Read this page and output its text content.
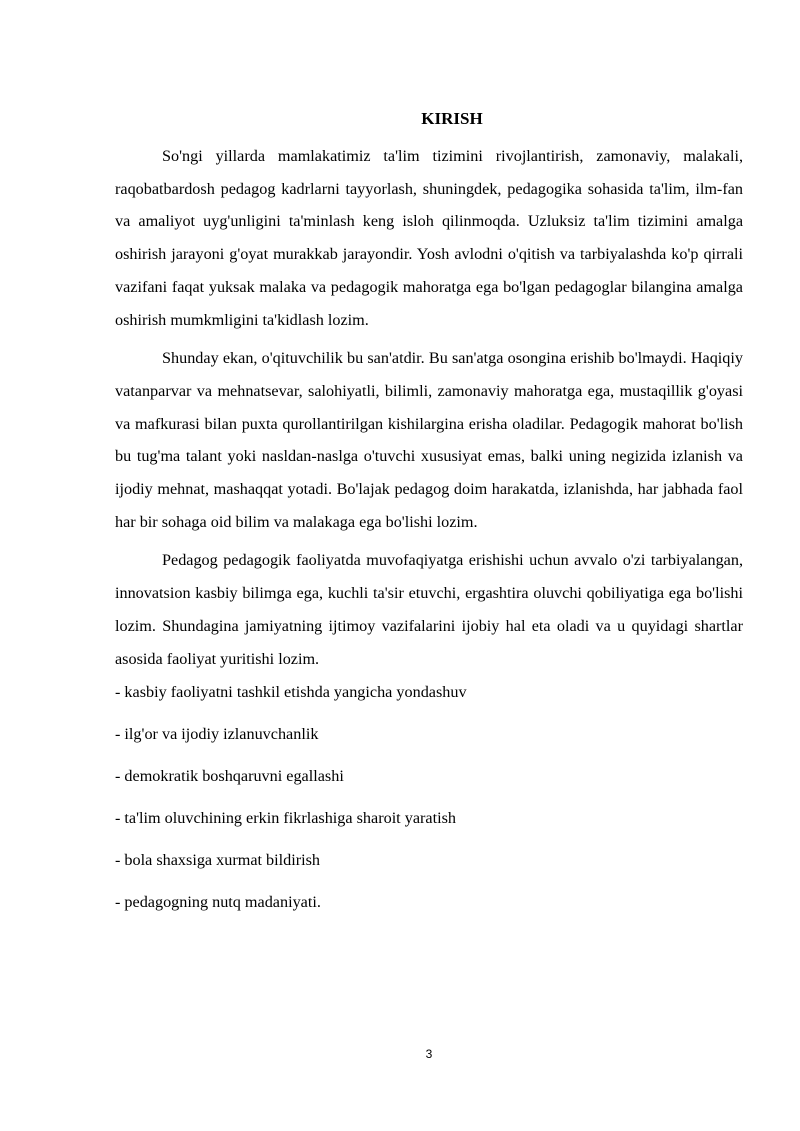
KIRISH

So'ngi yillarda mamlakatimiz ta'lim tizimini rivojlantirish, zamonaviy, malakali, raqobatbardosh pedagog kadrlarni tayyorlash, shuningdek, pedagogika sohasida ta'lim, ilm-fan va amaliyot uyg'unligini ta'minlash keng isloh qilinmoqda. Uzluksiz ta'lim tizimini amalga oshirish jarayoni g'oyat murakkab jarayondir. Yosh avlodni o'qitish va tarbiyalashda ko'p qirrali vazifani faqat yuksak malaka va pedagogik mahoratga ega bo'lgan pedagoglar bilangina amalga oshirish mumkmligini ta'kidlash lozim.

Shunday ekan, o'qituvchilik bu san'atdir. Bu san'atga osongina erishib bo'lmaydi. Haqiqiy vatanparvar va mehnatsevar, salohiyatli, bilimli, zamonaviy mahoratga ega, mustaqillik g'oyasi va mafkurasi bilan puxta qurollantirilgan kishilargina erisha oladilar. Pedagogik mahorat bo'lish bu tug'ma talant yoki nasldan-naslga o'tuvchi xususiyat emas, balki uning negizida izlanish va ijodiy mehnat, mashaqqat yotadi. Bo'lajak pedagog doim harakatda, izlanishda, har jabhada faol har bir sohaga oid bilim va malakaga ega bo'lishi lozim.

Pedagog pedagogik faoliyatda muvofaqiyatga erishishi uchun avvalo o'zi tarbiyalangan, innovatsion kasbiy bilimga ega, kuchli ta'sir etuvchi, ergashtira oluvchi qobiliyatiga ega bo'lishi lozim. Shundagina jamiyatning ijtimoy vazifalarini ijobiy hal eta oladi va u quyidagi shartlar asosida faoliyat yuritishi lozim.

- kasbiy faoliyatni tashkil etishda yangicha yondashuv
- ilg'or va ijodiy izlanuvchanlik
- demokratik boshqaruvni egallashi
- ta'lim oluvchining erkin fikrlashiga sharoit yaratish
- bola shaxsiga xurmat bildirish
- pedagogning nutq madaniyati.
3
